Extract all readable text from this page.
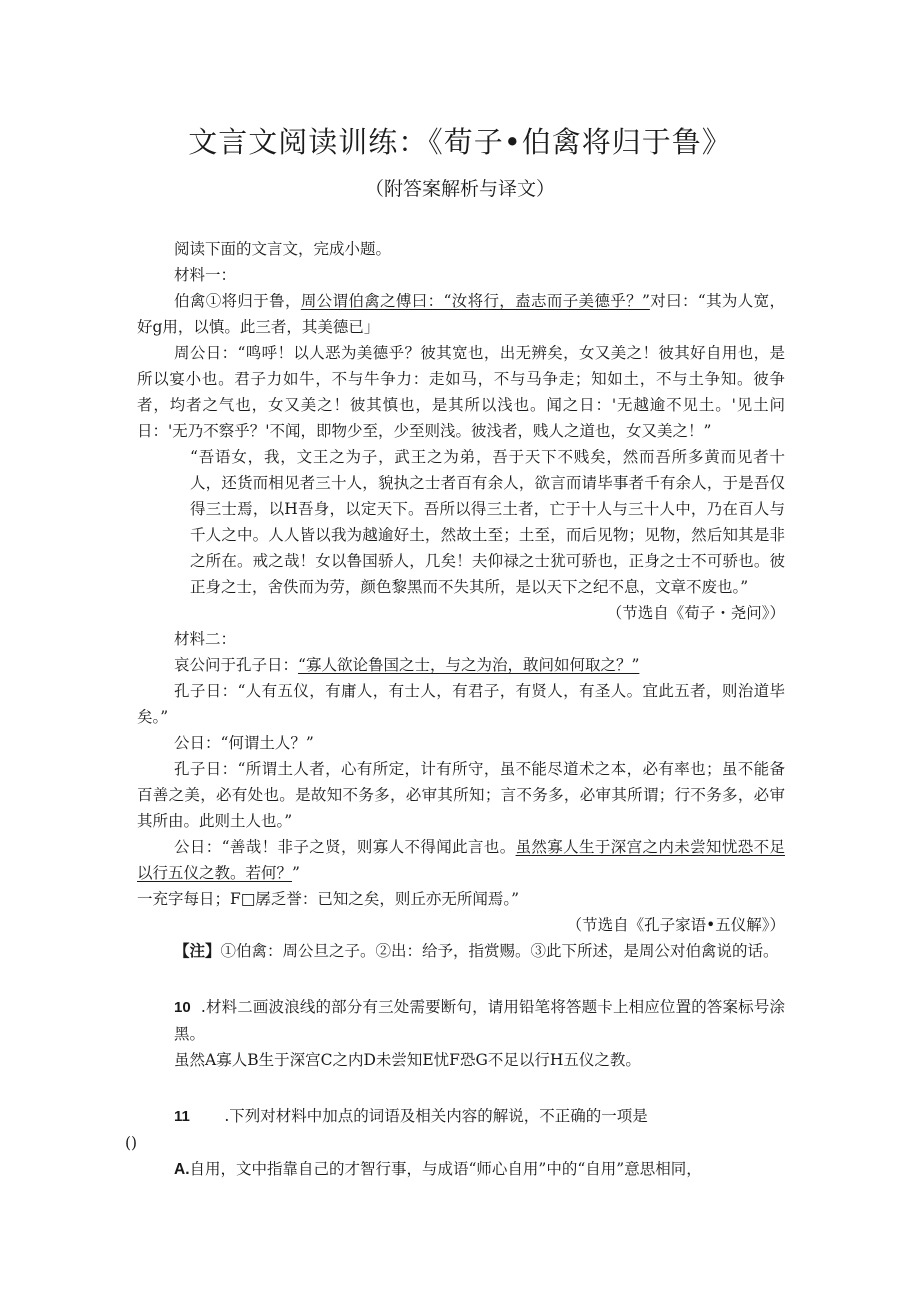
文言文阅读训练：《荀子•伯禽将归于鲁》
（附答案解析与译文）

阅读下面的文言文，完成小题。

材料一：

伯禽①将归于鲁，周公谓伯禽之傅曰：“汝将行，盍志而子美德乎？”对曰：“其为人宽，好g用，以慎。此三者，其美德已」

周公日：“鸣呼！以人恶为美德乎？彼其宽也，出无辨矣，女又美之！彼其好自用也，是所以宴小也。君子力如牛，不与牛争力：走如马，不与马争走；知如土，不与土争知。彼争者，均者之气也，女又美之！彼其慎也，是其所以浅也。闻之日：'无越逾不见土。'见土问日：'无乃不察乎？'不闻，即物少至，少至则浅。彼浅者，贱人之道也，女又美之！”

“吾语女，我，文王之为子，武王之为弟，吾于天下不贱矣，然而吾所多黄而见者十人，还货而相见者三十人，貌执之士者百有余人，欲言而请毕事者千有余人，于是吾仅得三士焉，以H吾身，以定天下。吾所以得三土者，亡于十人与三十人中，乃在百人与千人之中。人人皆以我为越逾好土，然故土至；土至，而后见物；见物，然后知其是非之所在。戒之哉！女以鲁国骄人，几矣！夫仰禄之士犹可骄也，正身之士不可骄也。彼正身之士，舍佚而为劳，颜色黎黑而不失其所，是以天下之纪不息，文章不废也。”

（节选自《荀子・尧问》）

材料二：

哀公问于孔子日：“寡人欲论鲁国之士，与之为治，敢问如何取之？”

孔子日：“人有五仪，有庸人，有士人，有君子，有贤人，有圣人。宜此五者，则治道毕矣。”

公日：“何谓土人？”

孔子日：“所谓土人者，心有所定，计有所守，虽不能尽道术之本，必有率也；虽不能备百善之美，必有处也。是故知不务多，必审其所知；言不务多，必审其所谓；行不务多，必审其所由。此则土人也。”

公日：“善哉！非子之贤，则寡人不得闻此言也。虽然寡人生于深宫之内未尝知忧恐不足以行五仪之教。若何？”

一充字每日；F□孱乏誉：已知之矣，则丘亦无所闻焉。”

（节选自《孔子家语•五仪解》）

【注】①伯禽：周公旦之子。②出：给予，指赏赐。③此下所述，是周公对伯禽说的话。

10 .材料二画波浪线的部分有三处需要断句，请用铅笔将答题卡上相应位置的答案标号涂黑。

虽然A寡人B生于深宫C之内D未尝知E忧F恐G不足以行H五仪之教。

11 .下列对材料中加点的词语及相关内容的解说，不正确的一项是

()

A.自用，文中指靠自己的才智行事，与成语“师心自用”中的“自用”意思相同，
